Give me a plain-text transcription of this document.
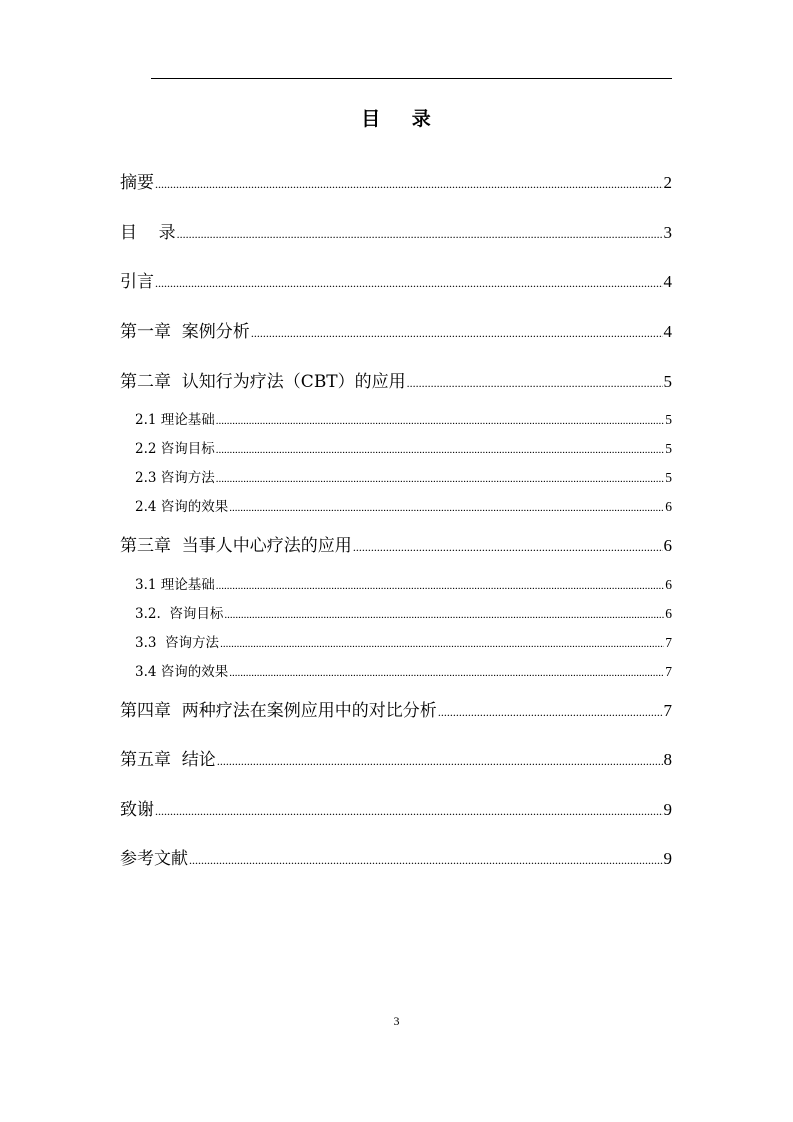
目    录
摘要 .....	2
目    录 .....	3
引言 .....	4
第一章  案例分析 .....	4
第二章  认知行为疗法（CBT）的应用 .....	5
2.1 理论基础 .....	5
2.2 咨询目标 .....	5
2.3 咨询方法 .....	5
2.4 咨询的效果 .....	6
第三章  当事人中心疗法的应用 .....	6
3.1 理论基础 .....	6
3.2.  咨询目标 .....	6
3.3  咨询方法 .....	7
3.4 咨询的效果 .....	7
第四章  两种疗法在案例应用中的对比分析 .....	7
第五章  结论 .....	8
致谢 .....	9
参考文献 .....	9
3
